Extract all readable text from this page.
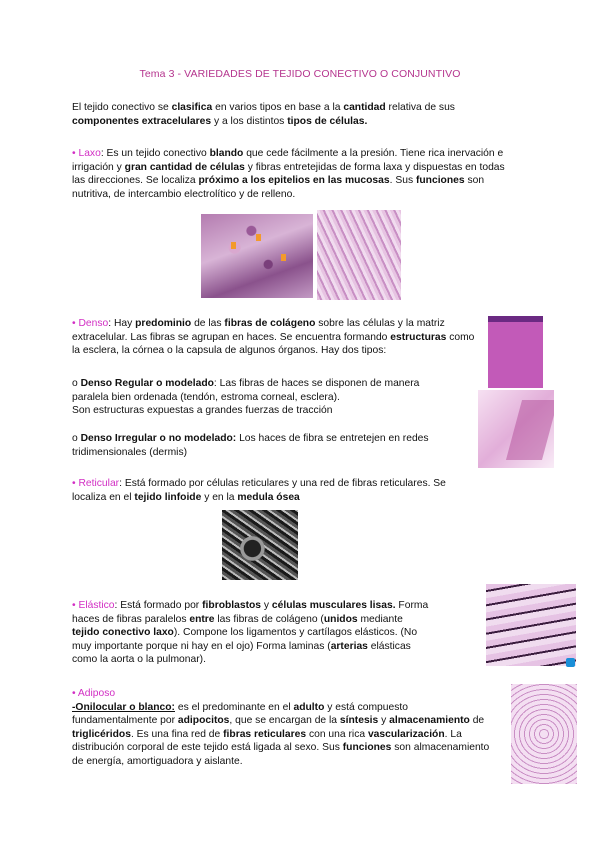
Tema 3 - VARIEDADES DE TEJIDO CONECTIVO O CONJUNTIVO
El tejido conectivo se clasifica en varios tipos en base a la cantidad relativa de sus componentes extracelulares y a los distintos tipos de células.
• Laxo: Es un tejido conectivo blando que cede fácilmente a la presión. Tiene rica inervación e irrigación y gran cantidad de células y fibras entretejidas de forma laxa y dispuestas en todas las direcciones. Se localiza próximo a los epitelios en las mucosas. Sus funciones son nutritiva, de intercambio electrolítico y de relleno.
• Denso: Hay predominio de las fibras de colágeno sobre las células y la matriz extracelular. Las fibras se agrupan en haces. Se encuentra formando estructuras como la esclera, la córnea o la capsula de algunos órganos. Hay dos tipos:
o Denso Regular o modelado: Las fibras de haces se disponen de manera paralela bien ordenada (tendón, estroma corneal, esclera).
Son estructuras expuestas a grandes fuerzas de tracción
o Denso Irregular o no modelado: Los haces de fibra se entretejen en redes tridimensionales (dermis)
• Reticular: Está formado por células reticulares y una red de fibras reticulares. Se localiza en el tejido linfoide y en la medula ósea
• Elástico: Está formado por fibroblastos y células musculares lisas. Forma haces de fibras paralelos entre las fibras de colágeno (unidos mediante tejido conectivo laxo). Compone los ligamentos y cartílagos elásticos. (No muy importante porque ni hay en el ojo) Forma laminas (arterias elásticas como la aorta o la pulmonar).
• Adiposo
-Onilocular o blanco: es el predominante en el adulto y está compuesto fundamentalmente por adipocitos, que se encargan de la síntesis y almacenamiento de triglicéridos. Es una fina red de fibras reticulares con una rica vascularización. La distribución corporal de este tejido está ligada al sexo. Sus funciones son almacenamiento de energía, amortiguadora y aislante.
